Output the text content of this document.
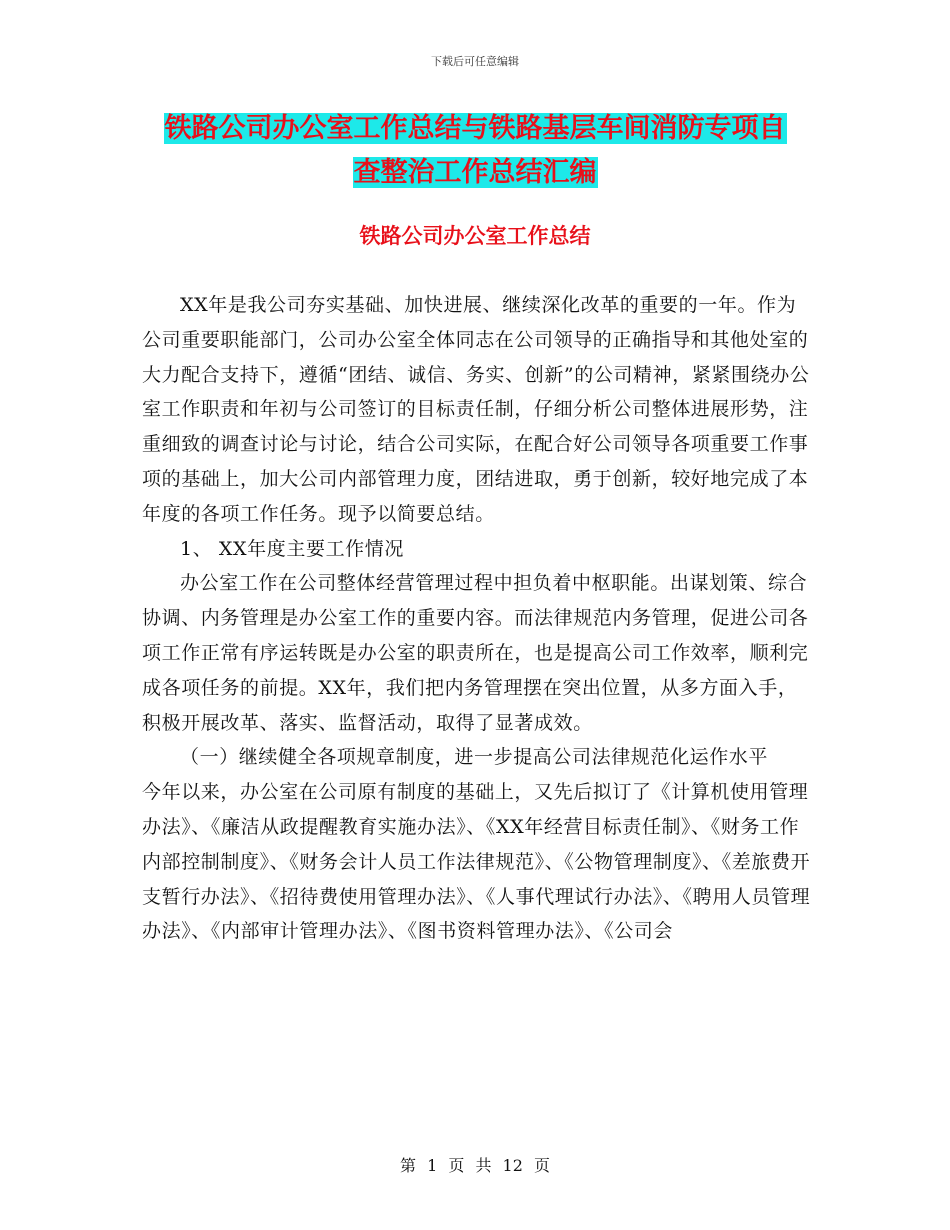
下载后可任意编辑
铁路公司办公室工作总结与铁路基层车间消防专项自
查整治工作总结汇编
铁路公司办公室工作总结

XX年是我公司夯实基础、加快进展、继续深化改革的重要的一年。作为公司重要职能部门，公司办公室全体同志在公司领导的正确指导和其他处室的大力配合支持下，遵循“团结、诚信、务实、创新”的公司精神，紧紧围绕办公室工作职责和年初与公司签订的目标责任制，仔细分析公司整体进展形势，注重细致的调查讨论与讨论，结合公司实际，在配合好公司领导各项重要工作事项的基础上，加大公司内部管理力度，团结进取，勇于创新，较好地完成了本年度的各项工作任务。现予以简要总结。

1、 XX年度主要工作情况

办公室工作在公司整体经营管理过程中担负着中枢职能。出谋划策、综合协调、内务管理是办公室工作的重要内容。而法律规范内务管理，促进公司各项工作正常有序运转既是办公室的职责所在，也是提高公司工作效率，顺利完成各项任务的前提。XX年，我们把内务管理摆在突出位置，从多方面入手，积极开展改革、落实、监督活动，取得了显著成效。

（一）继续健全各项规章制度，进一步提高公司法律规范化运作水平　　　　今年以来，办公室在公司原有制度的基础上，又先后拟订了《计算机使用管理办法》、《廉洁从政提醒教育实施办法》、《XX年经营目标责任制》、《财务工作内部控制制度》、《财务会计人员工作法律规范》、《公物管理制度》、《差旅费开支暂行办法》、《招待费使用管理办法》、《人事代理试行办法》、《聘用人员管理办法》、《内部审计管理办法》、《图书资料管理办法》、《公司会

第 1 页 共 12 页
